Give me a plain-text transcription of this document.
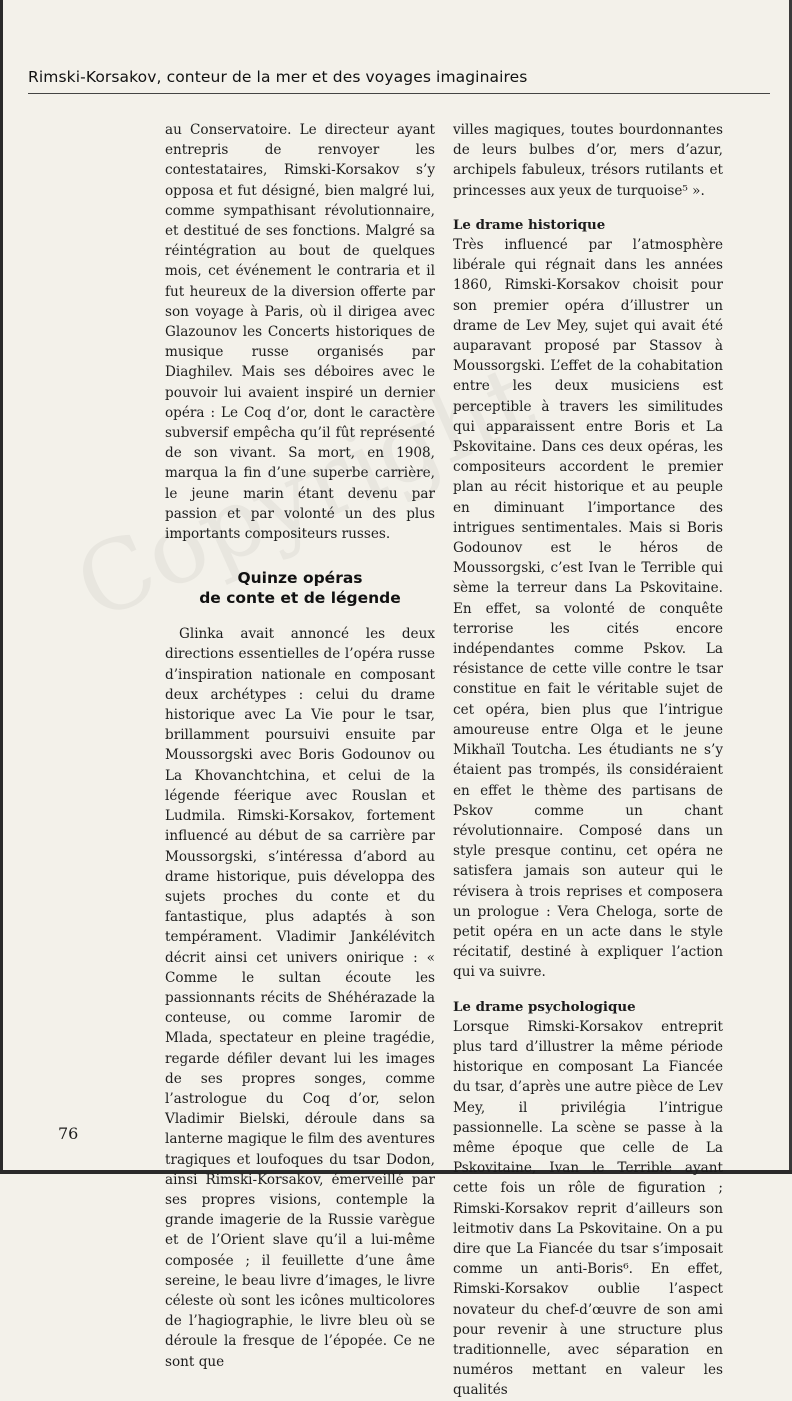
Rimski-Korsakov, conteur de la mer et des voyages imaginaires

au Conservatoire. Le directeur ayant entrepris de renvoyer les contestataires, Rimski-Korsakov s’y opposa et fut désigné, bien malgré lui, comme sympathisant révolutionnaire, et destitué de ses fonctions. Malgré sa réintégration au bout de quelques mois, cet événement le contraria et il fut heureux de la diversion offerte par son voyage à Paris, où il dirigea avec Glazounov les Concerts historiques de musique russe organisés par Diaghilev. Mais ses déboires avec le pouvoir lui avaient inspiré un dernier opéra : Le Coq d’or, dont le caractère subversif empêcha qu’il fût représenté de son vivant. Sa mort, en 1908, marqua la fin d’une superbe carrière, le jeune marin étant devenu par passion et par volonté un des plus importants compositeurs russes.

Quinze opéras
de conte et de légende

Glinka avait annoncé les deux directions essentielles de l’opéra russe d’inspiration nationale en composant deux archétypes : celui du drame historique avec La Vie pour le tsar, brillamment poursuivi ensuite par Moussorgski avec Boris Godounov ou La Khovanchtchina, et celui de la légende féerique avec Rouslan et Ludmila. Rimski-Korsakov, fortement influencé au début de sa carrière par Moussorgski, s’intéressa d’abord au drame historique, puis développa des sujets proches du conte et du fantastique, plus adaptés à son tempérament. Vladimir Jankélévitch décrit ainsi cet univers onirique : « Comme le sultan écoute les passionnants récits de Shéhérazade la conteuse, ou comme Iaromir de Mlada, spectateur en pleine tragédie, regarde défiler devant lui les images de ses propres songes, comme l’astrologue du Coq d’or, selon Vladimir Bielski, déroule dans sa lanterne magique le film des aventures tragiques et loufoques du tsar Dodon, ainsi Rimski-Korsakov, émerveillé par ses propres visions, contemple la grande imagerie de la Russie varègue et de l’Orient slave qu’il a lui-même composée ; il feuillette d’une âme sereine, le beau livre d’images, le livre céleste où sont les icônes multicolores de l’hagiographie, le livre bleu où se déroule la fresque de l’épopée. Ce ne sont que

villes magiques, toutes bourdonnantes de leurs bulbes d’or, mers d’azur, archipels fabuleux, trésors rutilants et princesses aux yeux de turquoise⁵ ».

Le drame historique

Très influencé par l’atmosphère libérale qui régnait dans les années 1860, Rimski-Korsakov choisit pour son premier opéra d’illustrer un drame de Lev Mey, sujet qui avait été auparavant proposé par Stassov à Moussorgski. L’effet de la cohabitation entre les deux musiciens est perceptible à travers les similitudes qui apparaissent entre Boris et La Pskovitaine. Dans ces deux opéras, les compositeurs accordent le premier plan au récit historique et au peuple en diminuant l’importance des intrigues sentimentales. Mais si Boris Godounov est le héros de Moussorgski, c’est Ivan le Terrible qui sème la terreur dans La Pskovitaine. En effet, sa volonté de conquête terrorise les cités encore indépendantes comme Pskov. La résistance de cette ville contre le tsar constitue en fait le véritable sujet de cet opéra, bien plus que l’intrigue amoureuse entre Olga et le jeune Mikhaïl Toutcha. Les étudiants ne s’y étaient pas trompés, ils considéraient en effet le thème des partisans de Pskov comme un chant révolutionnaire. Composé dans un style presque continu, cet opéra ne satisfera jamais son auteur qui le révisera à trois reprises et composera un prologue : Vera Cheloga, sorte de petit opéra en un acte dans le style récitatif, destiné à expliquer l’action qui va suivre.

Le drame psychologique

Lorsque Rimski-Korsakov entreprit plus tard d’illustrer la même période historique en composant La Fiancée du tsar, d’après une autre pièce de Lev Mey, il privilégia l’intrigue passionnelle. La scène se passe à la même époque que celle de La Pskovitaine, Ivan le Terrible ayant cette fois un rôle de figuration ; Rimski-Korsakov reprit d’ailleurs son leitmotiv dans La Pskovitaine. On a pu dire que La Fiancée du tsar s’imposait comme un anti-Boris⁶. En effet, Rimski-Korsakov oublie l’aspect novateur du chef-d’œuvre de son ami pour revenir à une structure plus traditionnelle, avec séparation en numéros mettant en valeur les qualités

76
